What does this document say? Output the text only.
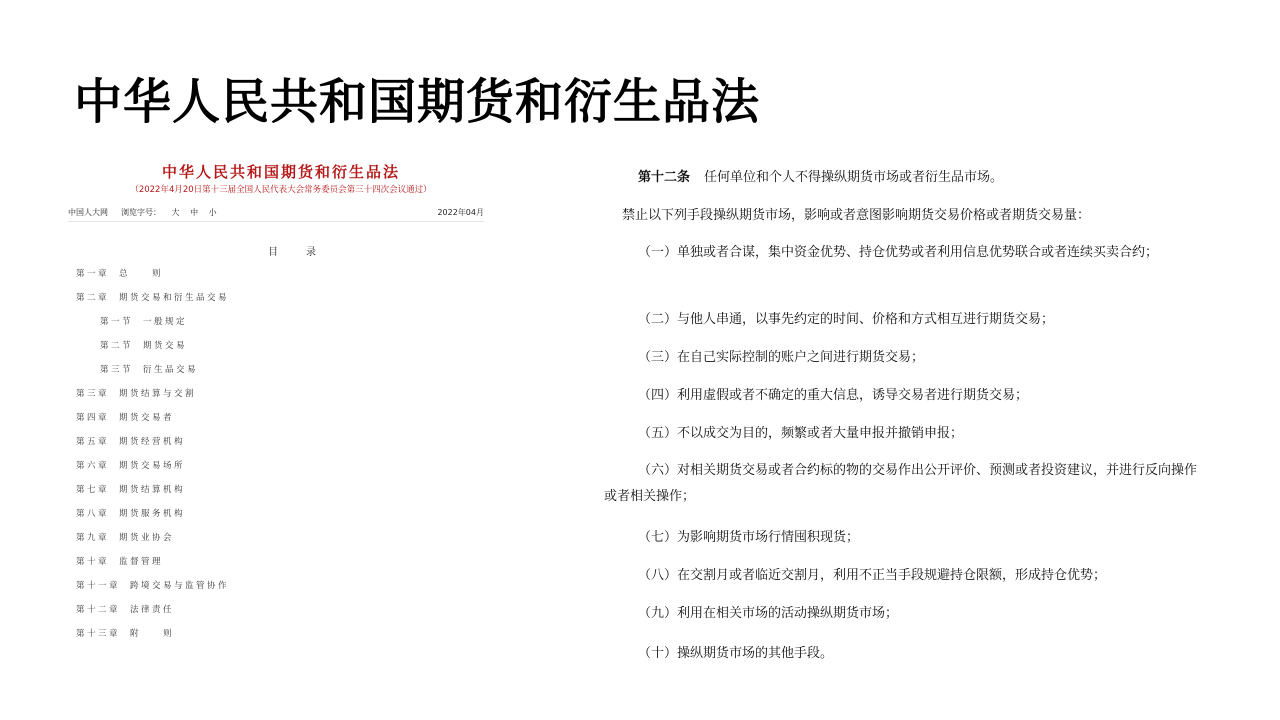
中华人民共和国期货和衍生品法
中华人民共和国期货和衍生品法
（2022年4月20日第十三届全国人民代表大会常务委员会第三十四次会议通过）
中国人大网 浏览字号： 大 中 小	2022年04月
目录
第一章 总　　则
第二章 期货交易和衍生品交易
第一节 一般规定
第二节 期货交易
第三节 衍生品交易
第三章 期货结算与交割
第四章 期货交易者
第五章 期货经营机构
第六章 期货交易场所
第七章 期货结算机构
第八章 期货服务机构
第九章 期货业协会
第十章 监督管理
第十一章 跨境交易与监管协作
第十二章 法律责任
第十三章 附　　则
第十二条 任何单位和个人不得操纵期货市场或者衍生品市场。
禁止以下列手段操纵期货市场，影响或者意图影响期货交易价格或者期货交易量：
（一）单独或者合谋，集中资金优势、持仓优势或者利用信息优势联合或者连续买卖合约；
（二）与他人串通，以事先约定的时间、价格和方式相互进行期货交易；
（三）在自己实际控制的账户之间进行期货交易；
（四）利用虚假或者不确定的重大信息，诱导交易者进行期货交易；
（五）不以成交为目的，频繁或者大量申报并撤销申报；
（六）对相关期货交易或者合约标的物的交易作出公开评价、预测或者投资建议，并进行反向操作或者相关操作；
（七）为影响期货市场行情囤积现货；
（八）在交割月或者临近交割月，利用不正当手段规避持仓限额，形成持仓优势；
（九）利用在相关市场的活动操纵期货市场；
（十）操纵期货市场的其他手段。
